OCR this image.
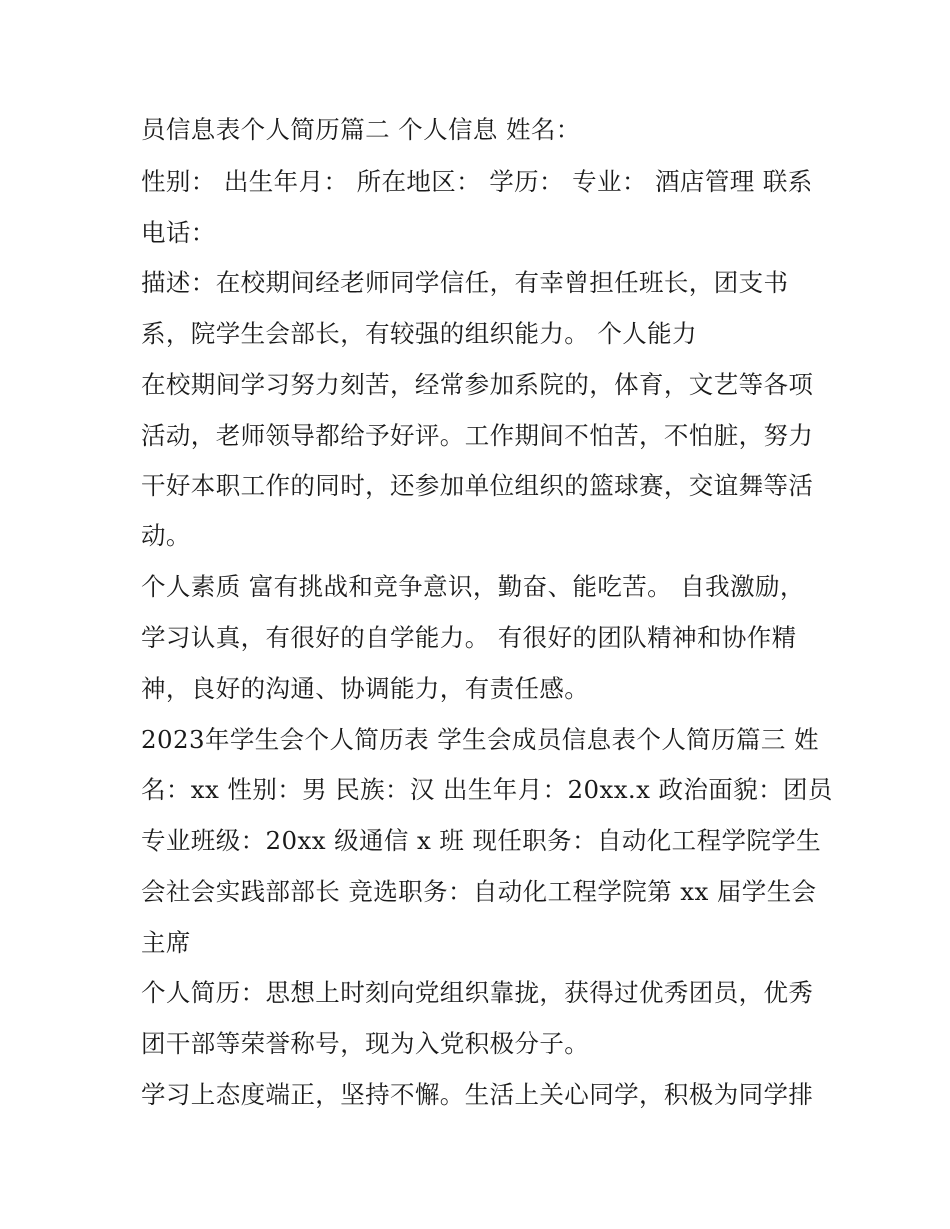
员信息表个人简历篇二 个人信息 姓名：

性别： 出生年月： 所在地区： 学历： 专业： 酒店管理 联系

电话：

描述：在校期间经老师同学信任，有幸曾担任班长，团支书

系，院学生会部长，有较强的组织能力。 个人能力

在校期间学习努力刻苦，经常参加系院的，体育，文艺等各项

活动，老师领导都给予好评。工作期间不怕苦，不怕脏，努力

干好本职工作的同时，还参加单位组织的篮球赛，交谊舞等活

动。

个人素质 富有挑战和竞争意识，勤奋、能吃苦。 自我激励，

学习认真，有很好的自学能力。 有很好的团队精神和协作精

神，良好的沟通、协调能力，有责任感。

2023年学生会个人简历表 学生会成员信息表个人简历篇三 姓

名：xx 性别：男 民族：汉 出生年月：20xx.x 政治面貌：团员

专业班级：20xx 级通信 x 班 现任职务：自动化工程学院学生

会社会实践部部长 竞选职务：自动化工程学院第 xx 届学生会

主席

个人简历：思想上时刻向党组织靠拢，获得过优秀团员，优秀

团干部等荣誉称号，现为入党积极分子。

学习上态度端正，坚持不懈。生活上关心同学，积极为同学排
